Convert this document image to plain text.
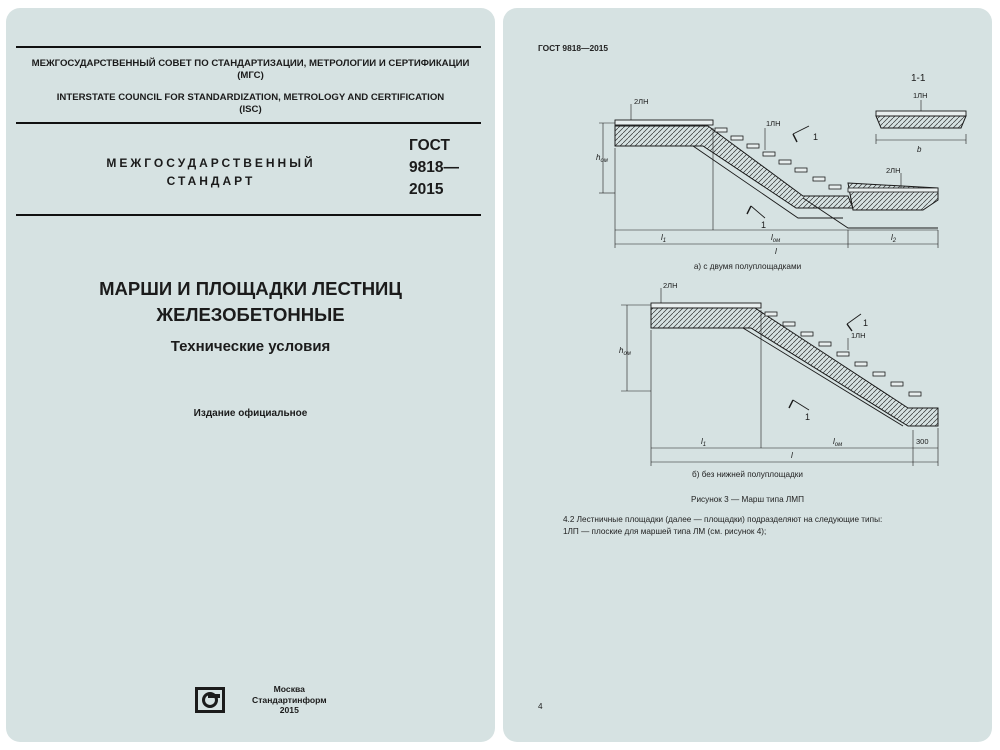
МЕЖГОСУДАРСТВЕННЫЙ СОВЕТ ПО СТАНДАРТИЗАЦИИ, МЕТРОЛОГИИ И СЕРТИФИКАЦИИ
(МГС)
INTERSTATE COUNCIL FOR STANDARDIZATION, METROLOGY AND CERTIFICATION
(ISC)
МЕЖГОСУДАРСТВЕННЫЙ
СТАНДАРТ
ГОСТ
9818—
2015
МАРШИ И ПЛОЩАДКИ ЛЕСТНИЦ
ЖЕЛЕЗОБЕТОННЫЕ
Технические условия
Издание официальное
Москва
Стандартинформ
2015
ГОСТ 9818—2015
1-1
1ЛН
b
2ЛН
1ЛН
2ЛН
1
1
$h_{ом}$
$l_1$	$l_{ом}$	$l_2$
l
2ЛН
1ЛН
1
1
$h_{ом}$
$l_1$	$l_{ом}$	300
l
а) с двумя полуплощадками
б) без нижней полуплощадки
Рисунок 3 — Марш типа ЛМП
4.2 Лестничные площадки (далее — площадки) подразделяют на следующие типы:
1ЛП — плоские для маршей типа ЛМ (см. рисунок 4);
4
